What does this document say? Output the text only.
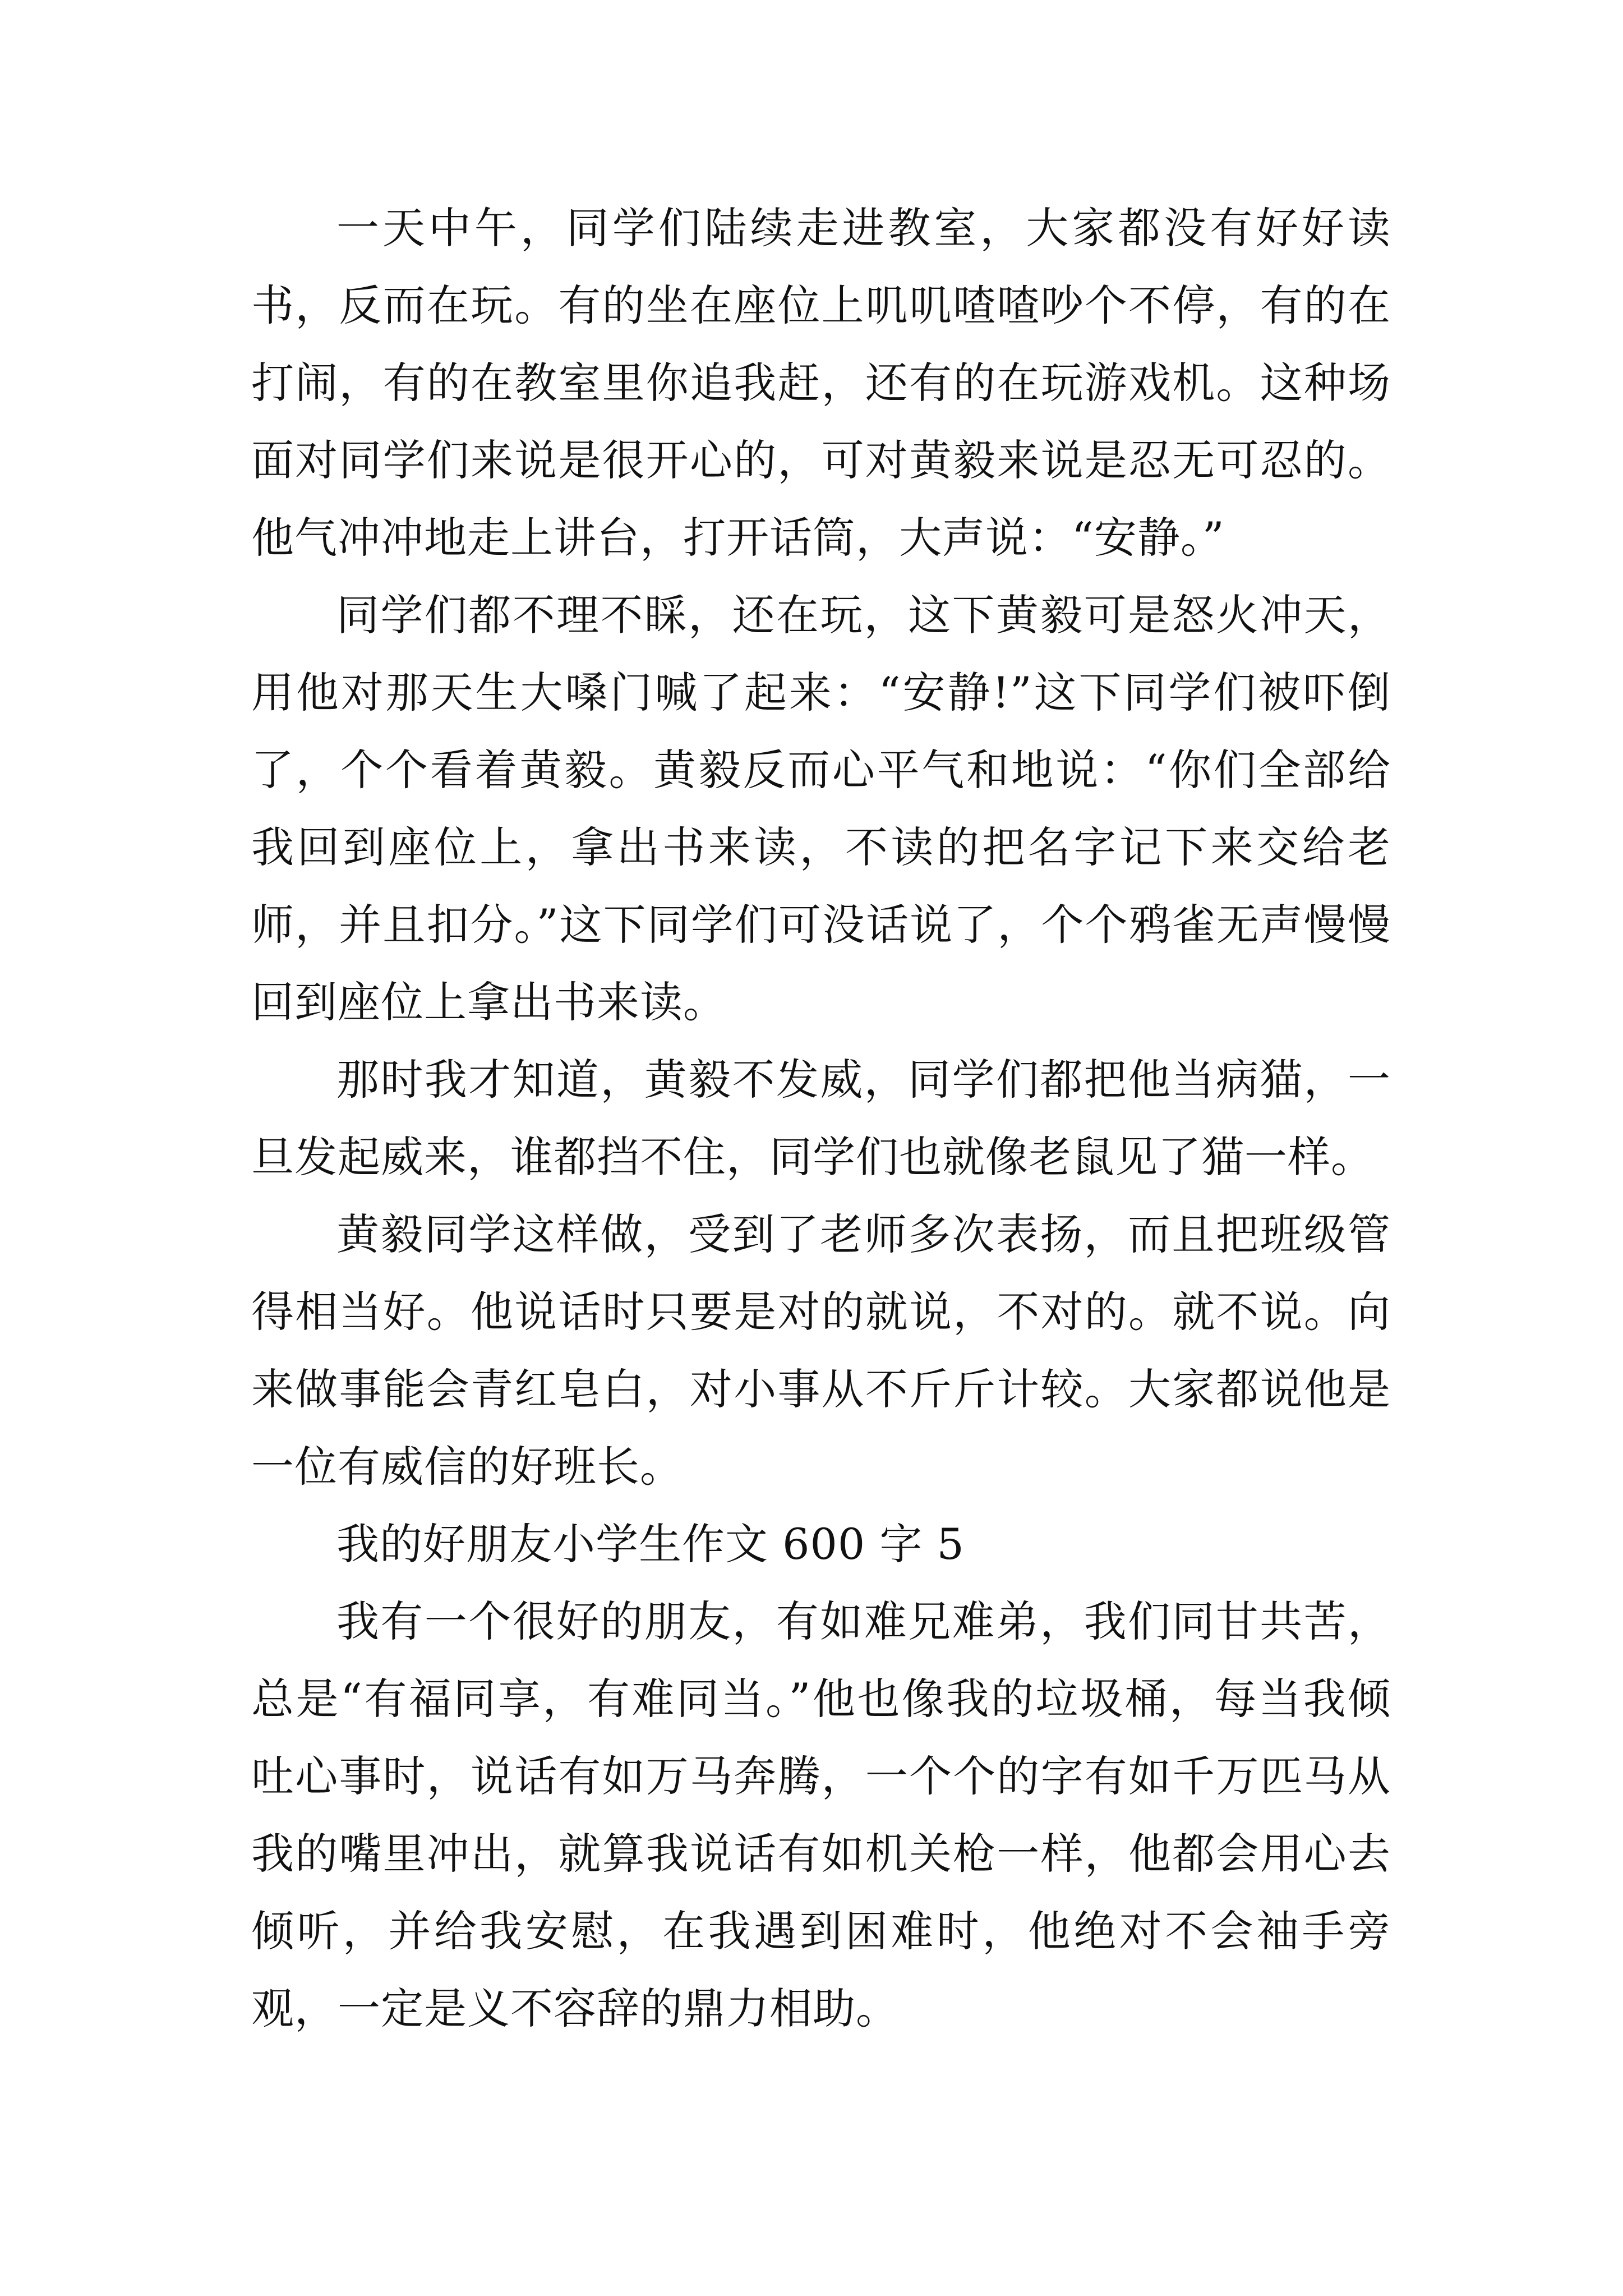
一天中午，同学们陆续走进教室，大家都没有好好读书，反而在玩。有的坐在座位上叽叽喳喳吵个不停，有的在打闹，有的在教室里你追我赶，还有的在玩游戏机。这种场面对同学们来说是很开心的，可对黄毅来说是忍无可忍的。他气冲冲地走上讲台，打开话筒，大声说：“安静。”

同学们都不理不睬，还在玩，这下黄毅可是怒火冲天，用他对那天生大嗓门喊了起来：“安静!”这下同学们被吓倒了，个个看着黄毅。黄毅反而心平气和地说：“你们全部给我回到座位上，拿出书来读，不读的把名字记下来交给老师，并且扣分。”这下同学们可没话说了，个个鸦雀无声慢慢回到座位上拿出书来读。

那时我才知道，黄毅不发威，同学们都把他当病猫，一旦发起威来，谁都挡不住，同学们也就像老鼠见了猫一样。

黄毅同学这样做，受到了老师多次表扬，而且把班级管得相当好。他说话时只要是对的就说，不对的。就不说。向来做事能会青红皂白，对小事从不斤斤计较。大家都说他是一位有威信的好班长。

我的好朋友小学生作文 600 字 5

我有一个很好的朋友，有如难兄难弟，我们同甘共苦，总是“有福同享，有难同当。”他也像我的垃圾桶，每当我倾吐心事时，说话有如万马奔腾，一个个的字有如千万匹马从我的嘴里冲出，就算我说话有如机关枪一样，他都会用心去倾听，并给我安慰，在我遇到困难时，他绝对不会袖手旁观，一定是义不容辞的鼎力相助。
